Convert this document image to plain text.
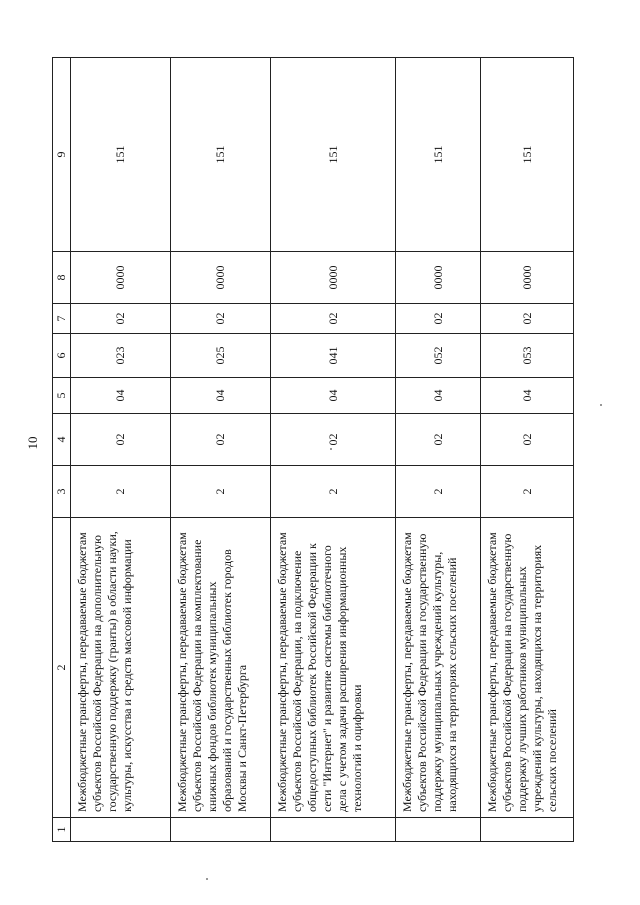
10
1	2	3	4	5	6	7	8	9
	Межбюджетные трансферты, передаваемые бюджетам субъектов Российской Федерации на дополнительную государственную поддержку (гранты) в области науки, культуры, искусства и средств массовой информации	2	02	04	023	02	0000	151
	Межбюджетные трансферты, передаваемые бюджетам субъектов Российской Федерации на комплектование книжных фондов библиотек муниципальных образований и государственных библиотек городов Москвы и Санкт-Петербурга	2	02	04	025	02	0000	151
	Межбюджетные трансферты, передаваемые бюджетам субъектов Российской Федерации, на подключение общедоступных библиотек Российской Федерации к сети "Интернет" и развитие системы библиотечного дела с учетом задачи расширения информационных технологий и оцифровки	2	02	04	041	02	0000	151
	Межбюджетные трансферты, передаваемые бюджетам субъектов Российской Федерации на государственную поддержку муниципальных учреждений культуры, находящихся на территориях сельских поселений	2	02	04	052	02	0000	151
	Межбюджетные трансферты, передаваемые бюджетам субъектов Российской Федерации на государственную поддержку лучших работников муниципальных учреждений культуры, находящихся на территориях сельских поселений	2	02	04	053	02	0000	151
